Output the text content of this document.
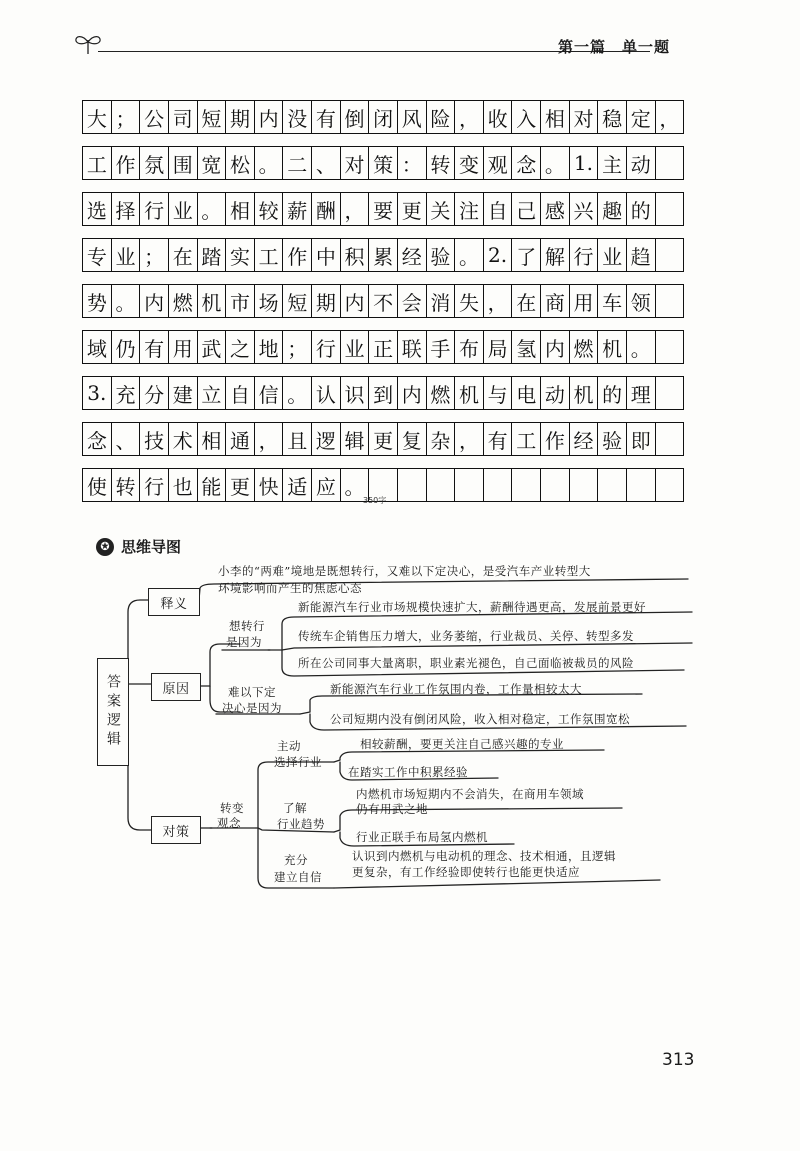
第一篇　单一题
大 ； 公 司 短 期 内 没 有 倒 闭 风 险 ， 收 入 相 对 稳 定 ，
工 作 氛 围 宽 松 。 二 、 对 策 ： 转 变 观 念 。 1. 主 动
选 择 行 业 。 相 较 薪 酬 ， 要 更 关 注 自 己 感 兴 趣 的
专 业 ； 在 踏 实 工 作 中 积 累 经 验 。 2. 了 解 行 业 趋
势 。 内 燃 机 市 场 短 期 内 不 会 消 失 ， 在 商 用 车 领
域 仍 有 用 武 之 地 ； 行 业 正 联 手 布 局 氢 内 燃 机 。
3. 充 分 建 立 自 信 。 认 识 到 内 燃 机 与 电 动 机 的 理
念 、 技 术 相 通 ， 且 逻 辑 更 复 杂 ， 有 工 作 经 验 即
使 转 行 也 能 更 快 适 应 。
350字
✪ 思维导图
答案逻辑
释义
小李的“两难”境地是既想转行，又难以下定决心，是受汽车产业转型大
环境影响而产生的焦虑心态
原因
想转行
是因为
新能源汽车行业市场规模快速扩大，薪酬待遇更高，发展前景更好
传统车企销售压力增大，业务萎缩，行业裁员、关停、转型多发
所在公司同事大量离职，职业素光褪色，自己面临被裁员的风险
难以下定
决心是因为
新能源汽车行业工作氛围内卷，工作量相较太大
公司短期内没有倒闭风险，收入相对稳定，工作氛围宽松
对策
转变
观念
主动
选择行业
相较薪酬，要更关注自己感兴趣的专业
在踏实工作中积累经验
了解
行业趋势
内燃机市场短期内不会消失，在商用车领域
仍有用武之地
行业正联手布局氢内燃机
充分
建立自信
认识到内燃机与电动机的理念、技术相通，且逻辑
更复杂，有工作经验即使转行也能更快适应
313
